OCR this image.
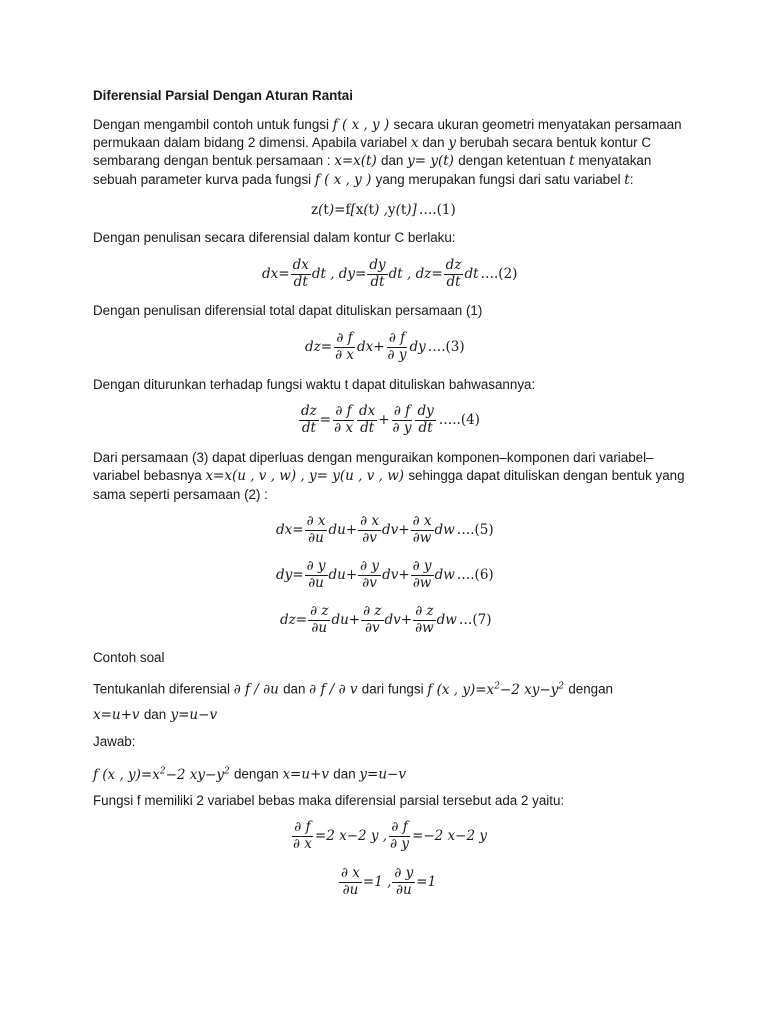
Diferensial Parsial Dengan Aturan Rantai
Dengan mengambil contoh untuk fungsi f ( x , y ) secara ukuran geometri menyatakan persamaan
permukaan dalam bidang 2 dimensi. Apabila variabel x dan y berubah secara bentuk kontur C
sembarang dengan bentuk persamaan : x=x(t) dan y= y(t) dengan ketentuan t menyatakan
sebuah parameter kurva pada fungsi f ( x , y ) yang merupakan fungsi dari satu variabel t:
z ( t )= f [ x ( t ) , y ( t )] ….(1)
Dengan penulisan secara diferensial dalam kontur C berlaku:
$dx= \frac{dx}{dt}$ dt , $dy= \frac{dy}{dt}$ dt , $dz= \frac{dz}{dt}$ dt ….(2)
Dengan penulisan diferensial total dapat dituliskan persamaan (1)
$dz= \frac{\partial f}{\partial x} dx+ \frac{\partial f}{\partial y}$ dy ….(3)
Dengan diturunkan terhadap fungsi waktu t dapat dituliskan bahwasannya:
$\frac{dz}{dt} = \frac{\partial f}{\partial x} \frac{dx}{dt} + \frac{\partial f}{\partial y} \frac{dy}{dt}$ …..(4)
Dari persamaan (3) dapat diperluas dengan menguraikan komponen–komponen dari variabel–
variabel bebasnya x=x(u , v , w) , y= y(u , v , w) sehingga dapat dituliskan dengan bentuk yang
sama seperti persamaan (2) :
$dx= \frac{\partial x}{\partial u} du+ \frac{\partial x}{\partial v} dv+ \frac{\partial x}{\partial w}$ dw ….(5)
$dy= \frac{\partial y}{\partial u} du+ \frac{\partial y}{\partial v} dv+ \frac{\partial y}{\partial w}$ dw ….(6)
$dz= \frac{\partial z}{\partial u} du+ \frac{\partial z}{\partial v} dv+ \frac{\partial z}{\partial w}$ dw …(7)
Contoh soal
Tentukanlah diferensial ∂ f / ∂u dan ∂ f / ∂ v dari fungsi f (x , $y)=x^2-2$ $xy-y^2$ dengan
x=u+v dan y=u−v
Jawab:
f (x , $y)=x^2-2$ $xy-y^2$ dengan x=u+v dan y=u−v
Fungsi f memiliki 2 variabel bebas maka diferensial parsial tersebut ada 2 yaitu:
$\frac{\partial f}{\partial x} =2$ x−2 y , $\frac{\partial f}{\partial y} =-2$ x−2 y
$\frac{\partial x}{\partial u} =1$ , $\frac{\partial y}{\partial u} =1$
